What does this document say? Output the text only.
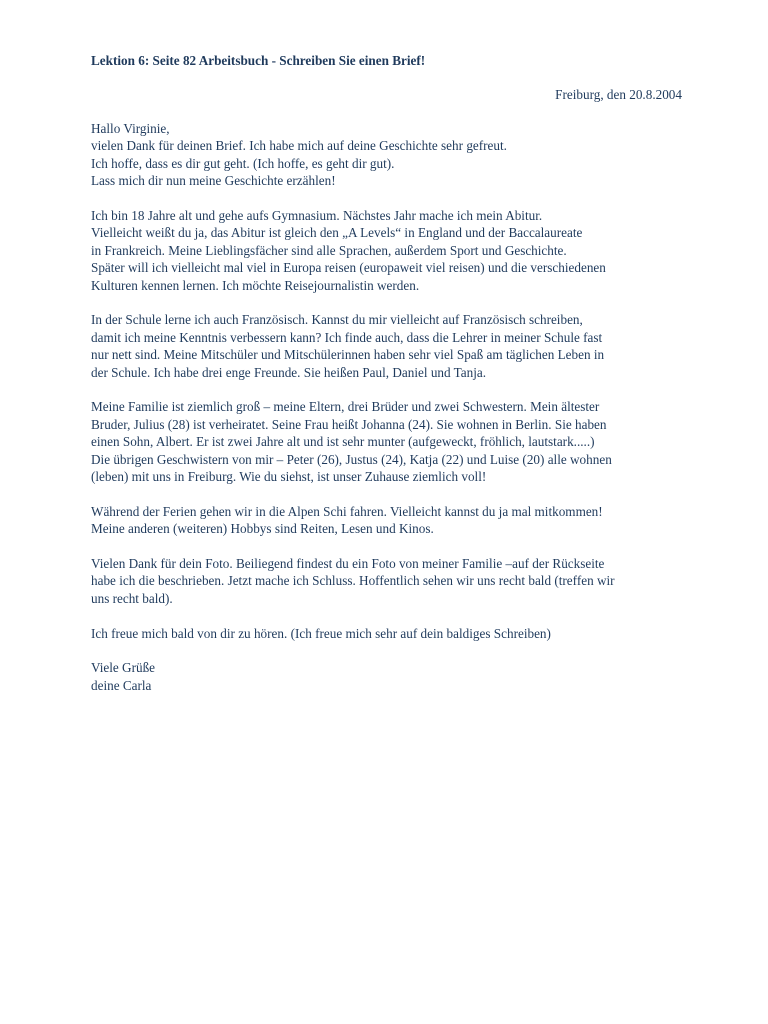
Lektion 6: Seite 82 Arbeitsbuch - Schreiben Sie einen Brief!

Freiburg, den 20.8.2004

Hallo Virginie,
vielen Dank für deinen Brief. Ich habe mich auf deine Geschichte sehr gefreut.
Ich hoffe, dass es dir gut geht. (Ich hoffe, es geht dir gut).
Lass mich dir nun meine Geschichte erzählen!
Ich bin 18 Jahre alt und gehe aufs Gymnasium. Nächstes Jahr mache ich mein Abitur.
Vielleicht weißt du ja, das Abitur ist gleich den „A Levels“ in England und der Baccalaureate
in Frankreich. Meine Lieblingsfächer sind alle Sprachen, außerdem Sport und Geschichte.
Später will ich vielleicht mal viel in Europa reisen (europaweit viel reisen) und die verschiedenen
Kulturen kennen lernen. Ich möchte Reisejournalistin werden.
In der Schule lerne ich auch Französisch. Kannst du mir vielleicht auf Französisch schreiben,
damit ich meine Kenntnis verbessern kann? Ich finde auch, dass die Lehrer in meiner Schule fast
nur nett sind. Meine Mitschüler und Mitschülerinnen haben sehr viel Spaß am täglichen Leben in
der Schule. Ich habe drei enge Freunde. Sie heißen Paul, Daniel und Tanja.
Meine Familie ist ziemlich groß – meine Eltern, drei Brüder und zwei Schwestern. Mein ältester
Bruder, Julius (28) ist verheiratet. Seine Frau heißt Johanna (24). Sie wohnen in Berlin. Sie haben
einen Sohn, Albert. Er ist zwei Jahre alt und ist sehr munter (aufgeweckt, fröhlich, lautstark.....)
Die übrigen Geschwistern von mir – Peter (26), Justus (24), Katja (22) und Luise (20) alle wohnen
(leben) mit uns in Freiburg. Wie du siehst, ist unser Zuhause ziemlich voll!
Während der Ferien gehen wir in die Alpen Schi fahren. Vielleicht kannst du ja mal mitkommen!
Meine anderen (weiteren) Hobbys sind Reiten, Lesen und Kinos.
Vielen Dank für dein Foto. Beiliegend findest du ein Foto von meiner Familie –auf der Rückseite
habe ich die beschrieben. Jetzt mache ich Schluss. Hoffentlich sehen wir uns recht bald (treffen wir
uns recht bald).
Ich freue mich bald von dir zu hören. (Ich freue mich sehr auf dein baldiges Schreiben)
Viele Grüße
deine Carla
